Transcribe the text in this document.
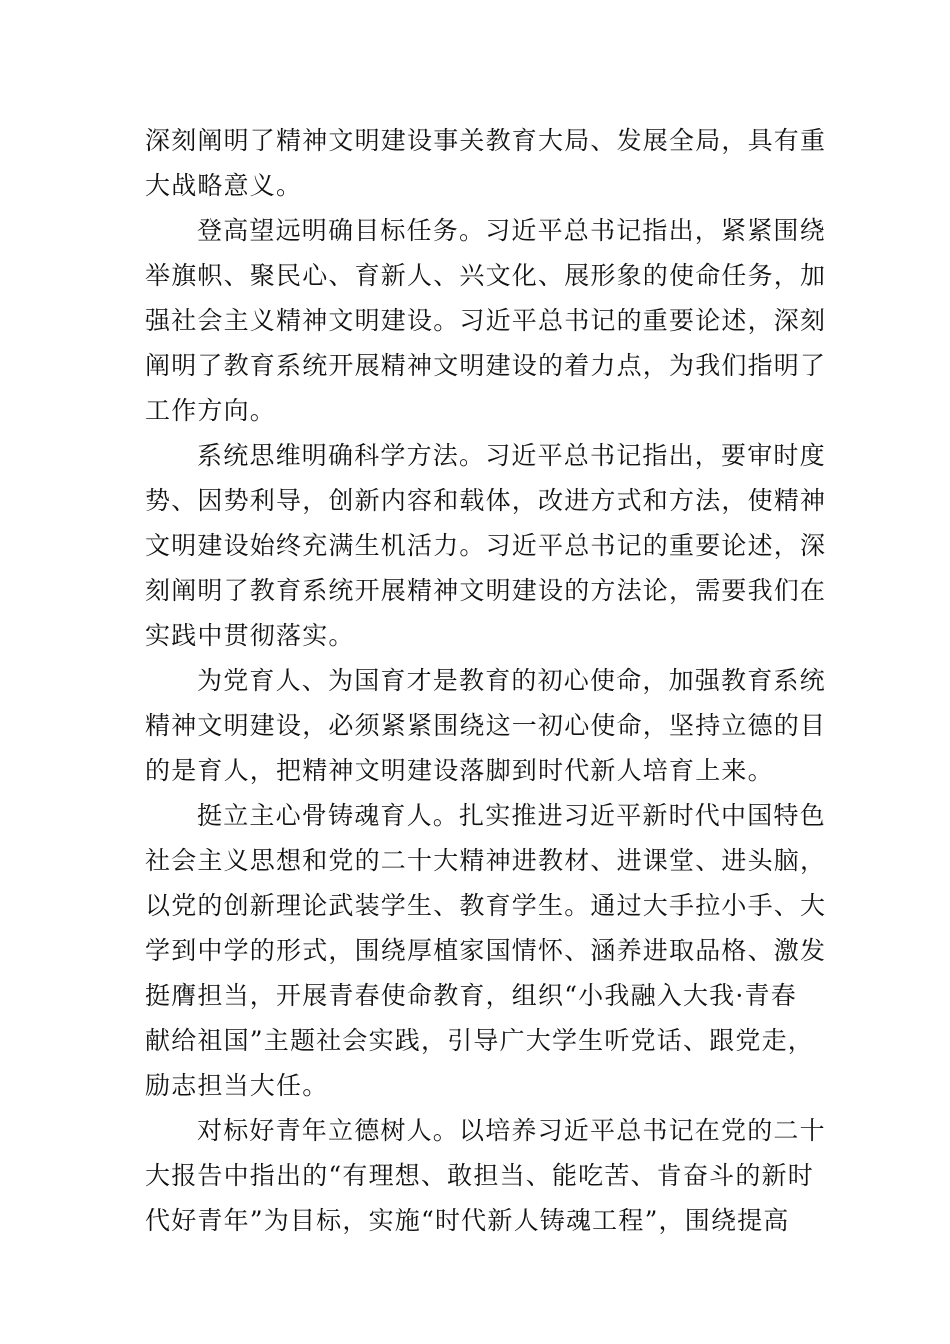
深刻阐明了精神文明建设事关教育大局、发展全局，具有重
大战略意义。
登高望远明确目标任务。习近平总书记指出，紧紧围绕
举旗帜、聚民心、育新人、兴文化、展形象的使命任务，加
强社会主义精神文明建设。习近平总书记的重要论述，深刻
阐明了教育系统开展精神文明建设的着力点，为我们指明了
工作方向。
系统思维明确科学方法。习近平总书记指出，要审时度
势、因势利导，创新内容和载体，改进方式和方法，使精神
文明建设始终充满生机活力。习近平总书记的重要论述，深
刻阐明了教育系统开展精神文明建设的方法论，需要我们在
实践中贯彻落实。
为党育人、为国育才是教育的初心使命，加强教育系统
精神文明建设，必须紧紧围绕这一初心使命，坚持立德的目
的是育人，把精神文明建设落脚到时代新人培育上来。
挺立主心骨铸魂育人。扎实推进习近平新时代中国特色
社会主义思想和党的二十大精神进教材、进课堂、进头脑，
以党的创新理论武装学生、教育学生。通过大手拉小手、大
学到中学的形式，围绕厚植家国情怀、涵养进取品格、激发
挺膺担当，开展青春使命教育，组织“小我融入大我·青春
献给祖国”主题社会实践，引导广大学生听党话、跟党走，
励志担当大任。
对标好青年立德树人。以培养习近平总书记在党的二十
大报告中指出的“有理想、敢担当、能吃苦、肯奋斗的新时
代好青年”为目标，实施“时代新人铸魂工程”，围绕提高
